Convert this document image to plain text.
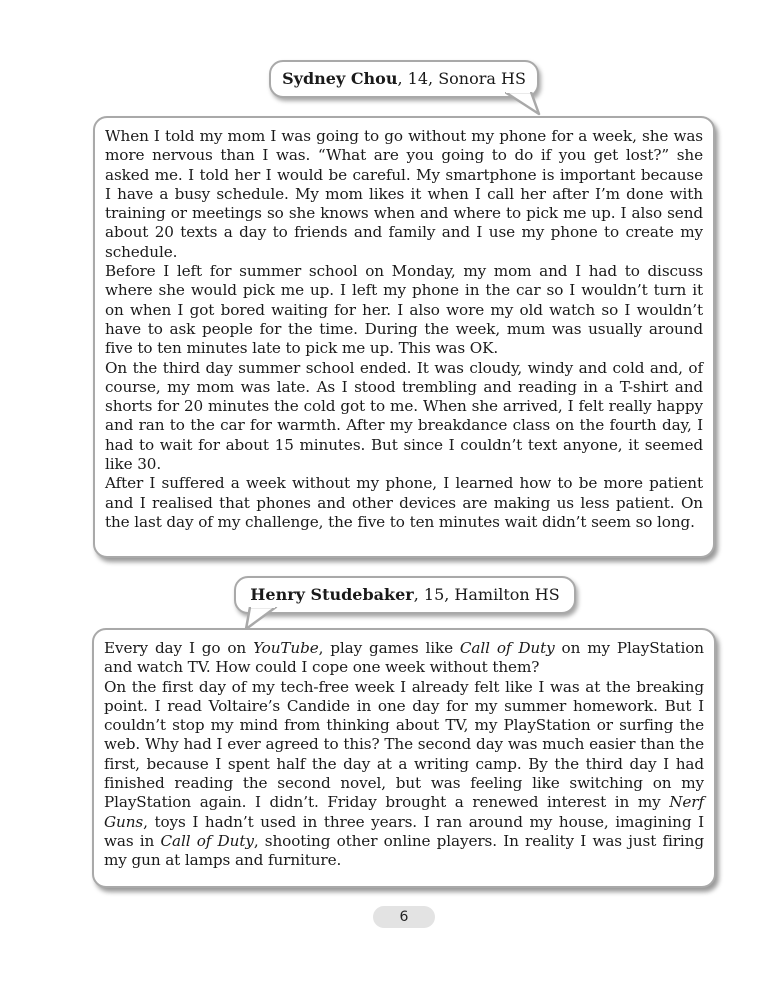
Sydney Chou, 14, Sonora HS

When I told my mom I was going to go without my phone for a week, she was more nervous than I was. “What are you going to do if you get lost?” she asked me. I told her I would be careful. My smartphone is important because I have a busy schedule. My mom likes it when I call her after I’m done with training or meetings so she knows when and where to pick me up. I also send about 20 texts a day to friends and family and I use my phone to create my schedule.

Before I left for summer school on Monday, my mom and I had to discuss where she would pick me up. I left my phone in the car so I wouldn’t turn it on when I got bored waiting for her. I also wore my old watch so I wouldn’t have to ask people for the time. During the week, mum was usually around five to ten minutes late to pick me up. This was OK.

On the third day summer school ended. It was cloudy, windy and cold and, of course, my mom was late. As I stood trembling and reading in a T-shirt and shorts for 20 minutes the cold got to me. When she arrived, I felt really happy and ran to the car for warmth. After my breakdance class on the fourth day, I had to wait for about 15 minutes. But since I couldn’t text anyone, it seemed like 30.

After I suffered a week without my phone, I learned how to be more patient and I realised that phones and other devices are making us less patient. On the last day of my challenge, the five to ten minutes wait didn’t seem so long.

Henry Studebaker, 15, Hamilton HS

Every day I go on YouTube, play games like Call of Duty on my PlayStation and watch TV. How could I cope one week without them?

On the first day of my tech-free week I already felt like I was at the breaking point. I read Voltaire’s Candide in one day for my summer homework. But I couldn’t stop my mind from thinking about TV, my PlayStation or surfing the web. Why had I ever agreed to this? The second day was much easier than the first, because I spent half the day at a writing camp. By the third day I had finished reading the second novel, but was feeling like switching on my PlayStation again. I didn’t. Friday brought a renewed interest in my Nerf Guns, toys I hadn’t used in three years. I ran around my house, imagining I was in Call of Duty, shooting other online players. In reality I was just firing my gun at lamps and furniture.

6
